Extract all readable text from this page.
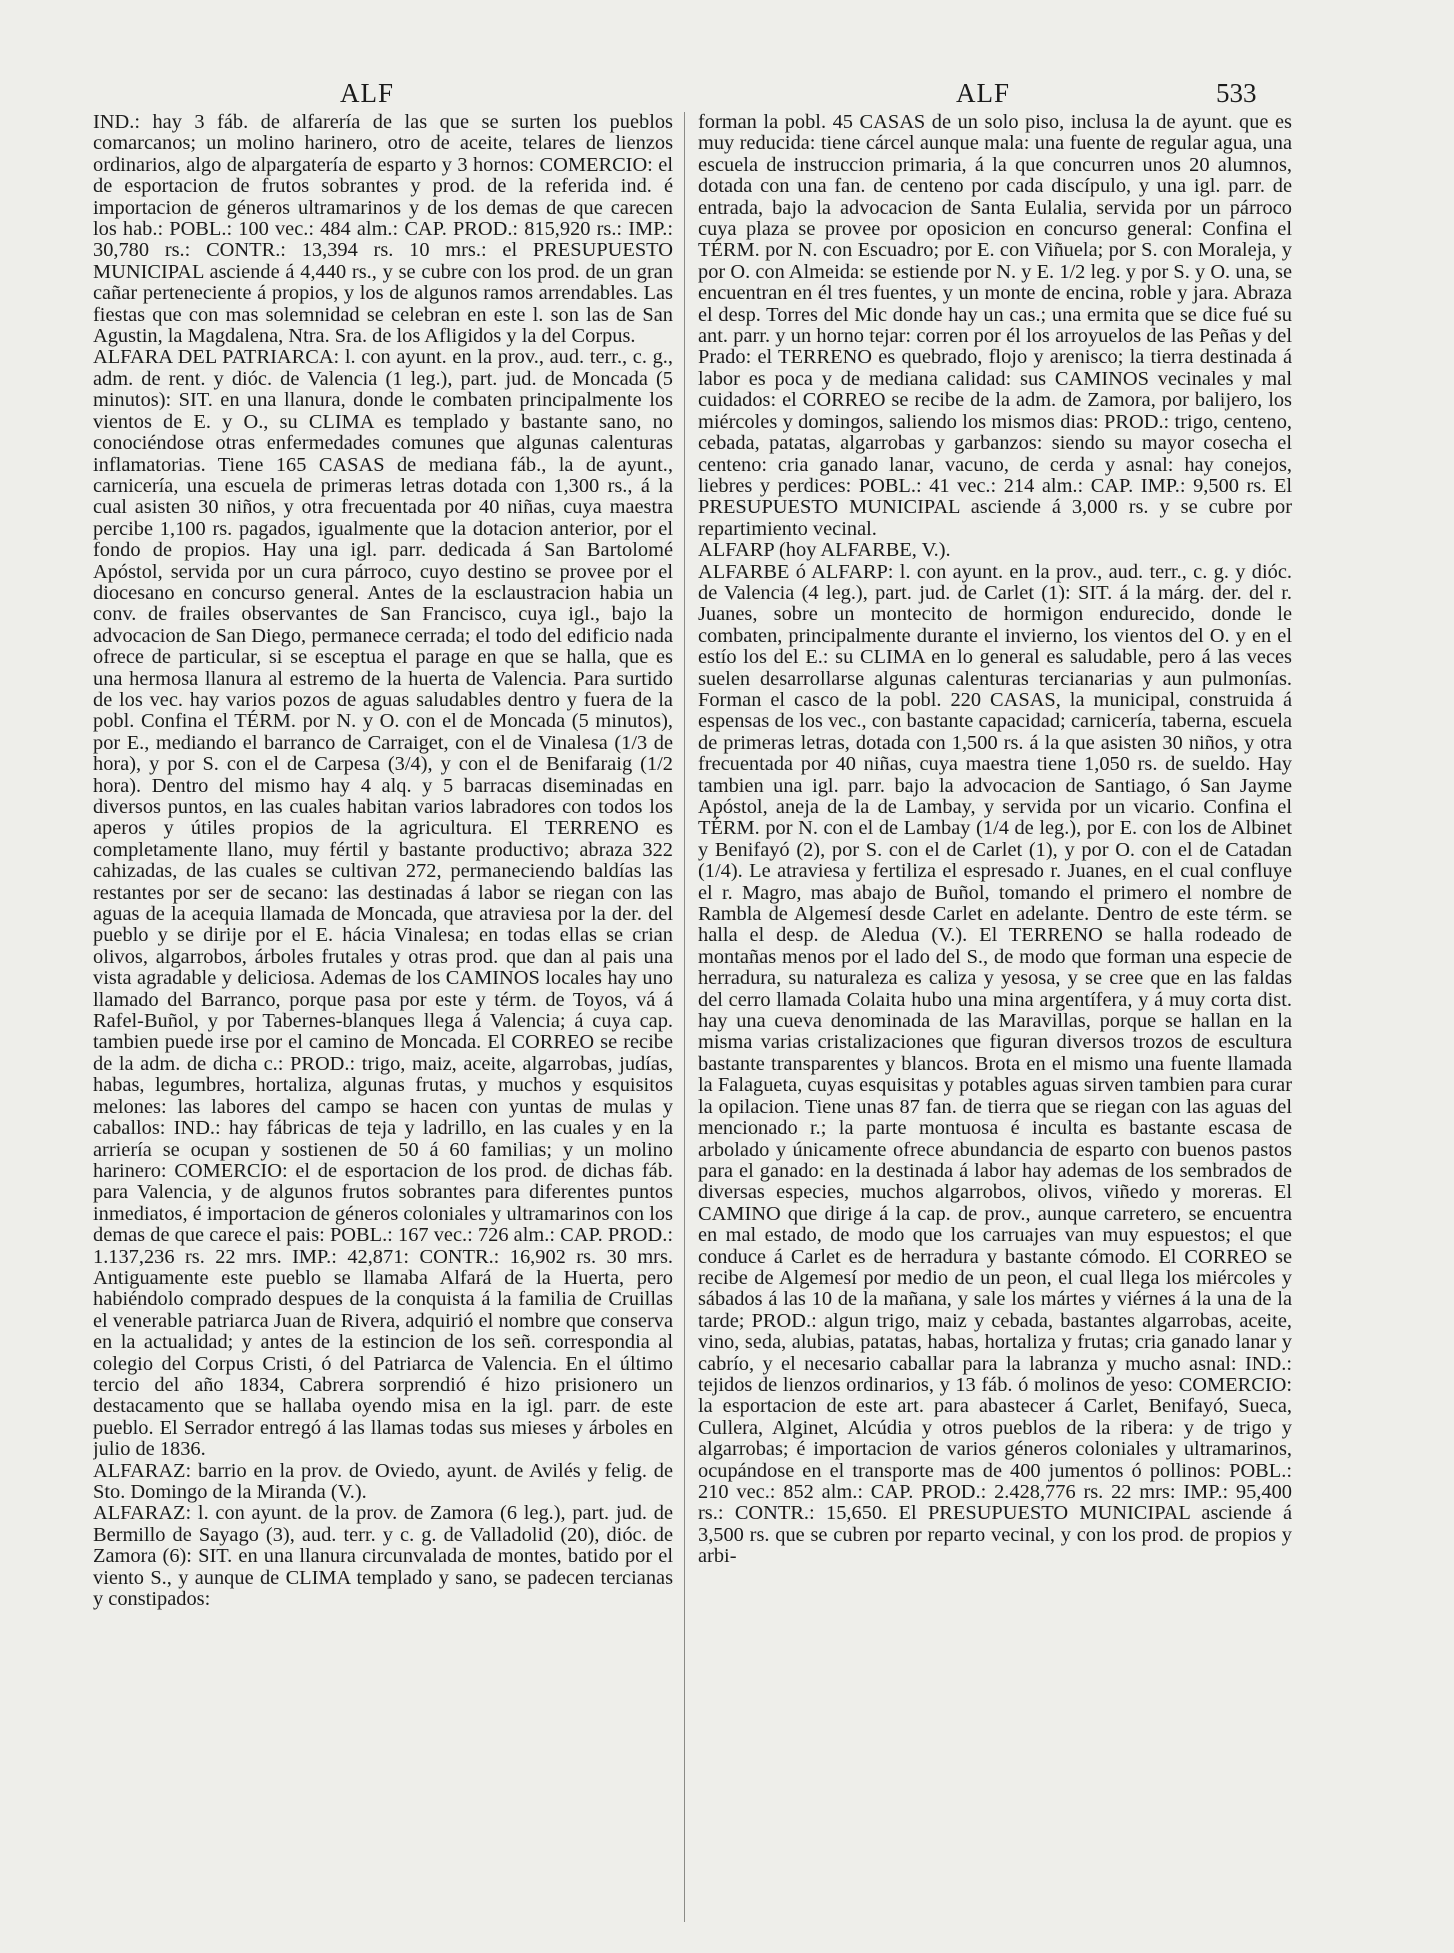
ALF	ALF	533

IND.: hay 3 fáb. de alfarería de las que se surten los pueblos comarcanos; un molino harinero, otro de aceite, telares de lienzos ordinarios, algo de alpargatería de esparto y 3 hornos: COMERCIO: el de esportacion de frutos sobrantes y prod. de la referida ind. é importacion de géneros ultramarinos y de los demas de que carecen los hab.: POBL.: 100 vec.: 484 alm.: CAP. PROD.: 815,920 rs.: IMP.: 30,780 rs.: CONTR.: 13,394 rs. 10 mrs.: el PRESUPUESTO MUNICIPAL asciende á 4,440 rs., y se cubre con los prod. de un gran cañar perteneciente á propios, y los de algunos ramos arrendables. Las fiestas que con mas solemnidad se celebran en este l. son las de San Agustin, la Magdalena, Ntra. Sra. de los Afligidos y la del Corpus.

ALFARA DEL PATRIARCA: l. con ayunt. en la prov., aud. terr., c. g., adm. de rent. y dióc. de Valencia (1 leg.), part. jud. de Moncada (5 minutos): SIT. en una llanura, donde le combaten principalmente los vientos de E. y O., su CLIMA es templado y bastante sano, no conociéndose otras enfermedades comunes que algunas calenturas inflamatorias. Tiene 165 CASAS de mediana fáb., la de ayunt., carnicería, una escuela de primeras letras dotada con 1,300 rs., á la cual asisten 30 niños, y otra frecuentada por 40 niñas, cuya maestra percibe 1,100 rs. pagados, igualmente que la dotacion anterior, por el fondo de propios. Hay una igl. parr. dedicada á San Bartolomé Apóstol, servida por un cura párroco, cuyo destino se provee por el diocesano en concurso general. Antes de la esclaustracion habia un conv. de frailes observantes de San Francisco, cuya igl., bajo la advocacion de San Diego, permanece cerrada; el todo del edificio nada ofrece de particular, si se esceptua el parage en que se halla, que es una hermosa llanura al estremo de la huerta de Valencia. Para surtido de los vec. hay varios pozos de aguas saludables dentro y fuera de la pobl. Confina el TÉRM. por N. y O. con el de Moncada (5 minutos), por E., mediando el barranco de Carraiget, con el de Vinalesa (1/3 de hora), y por S. con el de Carpesa (3/4), y con el de Benifaraig (1/2 hora). Dentro del mismo hay 4 alq. y 5 barracas diseminadas en diversos puntos, en las cuales habitan varios labradores con todos los aperos y útiles propios de la agricultura. El TERRENO es completamente llano, muy fértil y bastante productivo; abraza 322 cahizadas, de las cuales se cultivan 272, permaneciendo baldías las restantes por ser de secano: las destinadas á labor se riegan con las aguas de la acequia llamada de Moncada, que atraviesa por la der. del pueblo y se dirije por el E. hácia Vinalesa; en todas ellas se crian olivos, algarrobos, árboles frutales y otras prod. que dan al pais una vista agradable y deliciosa. Ademas de los CAMINOS locales hay uno llamado del Barranco, porque pasa por este y térm. de Toyos, vá á Rafel-Buñol, y por Tabernes-blanques llega á Valencia; á cuya cap. tambien puede irse por el camino de Moncada. El CORREO se recibe de la adm. de dicha c.: PROD.: trigo, maiz, aceite, algarrobas, judías, habas, legumbres, hortaliza, algunas frutas, y muchos y esquisitos melones: las labores del campo se hacen con yuntas de mulas y caballos: IND.: hay fábricas de teja y ladrillo, en las cuales y en la arriería se ocupan y sostienen de 50 á 60 familias; y un molino harinero: COMERCIO: el de esportacion de los prod. de dichas fáb. para Valencia, y de algunos frutos sobrantes para diferentes puntos inmediatos, é importacion de géneros coloniales y ultramarinos con los demas de que carece el pais: POBL.: 167 vec.: 726 alm.: CAP. PROD.: 1.137,236 rs. 22 mrs. IMP.: 42,871: CONTR.: 16,902 rs. 30 mrs. Antiguamente este pueblo se llamaba Alfará de la Huerta, pero habiéndolo comprado despues de la conquista á la familia de Cruillas el venerable patriarca Juan de Rivera, adquirió el nombre que conserva en la actualidad; y antes de la estincion de los señ. correspondia al colegio del Corpus Cristi, ó del Patriarca de Valencia. En el último tercio del año 1834, Cabrera sorprendió é hizo prisionero un destacamento que se hallaba oyendo misa en la igl. parr. de este pueblo. El Serrador entregó á las llamas todas sus mieses y árboles en julio de 1836.

ALFARAZ: barrio en la prov. de Oviedo, ayunt. de Avilés y felig. de Sto. Domingo de la Miranda (V.).

ALFARAZ: l. con ayunt. de la prov. de Zamora (6 leg.), part. jud. de Bermillo de Sayago (3), aud. terr. y c. g. de Valladolid (20), dióc. de Zamora (6): SIT. en una llanura circunvalada de montes, batido por el viento S., y aunque de CLIMA templado y sano, se padecen tercianas y constipados:

forman la pobl. 45 CASAS de un solo piso, inclusa la de ayunt. que es muy reducida: tiene cárcel aunque mala: una fuente de regular agua, una escuela de instruccion primaria, á la que concurren unos 20 alumnos, dotada con una fan. de centeno por cada discípulo, y una igl. parr. de entrada, bajo la advocacion de Santa Eulalia, servida por un párroco cuya plaza se provee por oposicion en concurso general: Confina el TÉRM. por N. con Escuadro; por E. con Viñuela; por S. con Moraleja, y por O. con Almeida: se estiende por N. y E. 1/2 leg. y por S. y O. una, se encuentran en él tres fuentes, y un monte de encina, roble y jara. Abraza el desp. Torres del Mic donde hay un cas.; una ermita que se dice fué su ant. parr. y un horno tejar: corren por él los arroyuelos de las Peñas y del Prado: el TERRENO es quebrado, flojo y arenisco; la tierra destinada á labor es poca y de mediana calidad: sus CAMINOS vecinales y mal cuidados: el CORREO se recibe de la adm. de Zamora, por balijero, los miércoles y domingos, saliendo los mismos dias: PROD.: trigo, centeno, cebada, patatas, algarrobas y garbanzos: siendo su mayor cosecha el centeno: cria ganado lanar, vacuno, de cerda y asnal: hay conejos, liebres y perdices: POBL.: 41 vec.: 214 alm.: CAP. IMP.: 9,500 rs. El PRESUPUESTO MUNICIPAL asciende á 3,000 rs. y se cubre por repartimiento vecinal.

ALFARP (hoy ALFARBE, V.).

ALFARBE ó ALFARP: l. con ayunt. en la prov., aud. terr., c. g. y dióc. de Valencia (4 leg.), part. jud. de Carlet (1): SIT. á la márg. der. del r. Juanes, sobre un montecito de hormigon endurecido, donde le combaten, principalmente durante el invierno, los vientos del O. y en el estío los del E.: su CLIMA en lo general es saludable, pero á las veces suelen desarrollarse algunas calenturas tercianarias y aun pulmonías. Forman el casco de la pobl. 220 CASAS, la municipal, construida á espensas de los vec., con bastante capacidad; carnicería, taberna, escuela de primeras letras, dotada con 1,500 rs. á la que asisten 30 niños, y otra frecuentada por 40 niñas, cuya maestra tiene 1,050 rs. de sueldo. Hay tambien una igl. parr. bajo la advocacion de Santiago, ó San Jayme Apóstol, aneja de la de Lambay, y servida por un vicario. Confina el TÉRM. por N. con el de Lambay (1/4 de leg.), por E. con los de Albinet y Benifayó (2), por S. con el de Carlet (1), y por O. con el de Catadan (1/4). Le atraviesa y fertiliza el espresado r. Juanes, en el cual confluye el r. Magro, mas abajo de Buñol, tomando el primero el nombre de Rambla de Algemesí desde Carlet en adelante. Dentro de este térm. se halla el desp. de Aledua (V.). El TERRENO se halla rodeado de montañas menos por el lado del S., de modo que forman una especie de herradura, su naturaleza es caliza y yesosa, y se cree que en las faldas del cerro llamada Colaita hubo una mina argentífera, y á muy corta dist. hay una cueva denominada de las Maravillas, porque se hallan en la misma varias cristalizaciones que figuran diversos trozos de escultura bastante transparentes y blancos. Brota en el mismo una fuente llamada la Falagueta, cuyas esquisitas y potables aguas sirven tambien para curar la opilacion. Tiene unas 87 fan. de tierra que se riegan con las aguas del mencionado r.; la parte montuosa é inculta es bastante escasa de arbolado y únicamente ofrece abundancia de esparto con buenos pastos para el ganado: en la destinada á labor hay ademas de los sembrados de diversas especies, muchos algarrobos, olivos, viñedo y moreras. El CAMINO que dirige á la cap. de prov., aunque carretero, se encuentra en mal estado, de modo que los carruajes van muy espuestos; el que conduce á Carlet es de herradura y bastante cómodo. El CORREO se recibe de Algemesí por medio de un peon, el cual llega los miércoles y sábados á las 10 de la mañana, y sale los mártes y viérnes á la una de la tarde; PROD.: algun trigo, maiz y cebada, bastantes algarrobas, aceite, vino, seda, alubias, patatas, habas, hortaliza y frutas; cria ganado lanar y cabrío, y el necesario caballar para la labranza y mucho asnal: IND.: tejidos de lienzos ordinarios, y 13 fáb. ó molinos de yeso: COMERCIO: la esportacion de este art. para abastecer á Carlet, Benifayó, Sueca, Cullera, Alginet, Alcúdia y otros pueblos de la ribera: y de trigo y algarrobas; é importacion de varios géneros coloniales y ultramarinos, ocupándose en el transporte mas de 400 jumentos ó pollinos: POBL.: 210 vec.: 852 alm.: CAP. PROD.: 2.428,776 rs. 22 mrs: IMP.: 95,400 rs.: CONTR.: 15,650. El PRESUPUESTO MUNICIPAL asciende á 3,500 rs. que se cubren por reparto vecinal, y con los prod. de propios y arbi-
